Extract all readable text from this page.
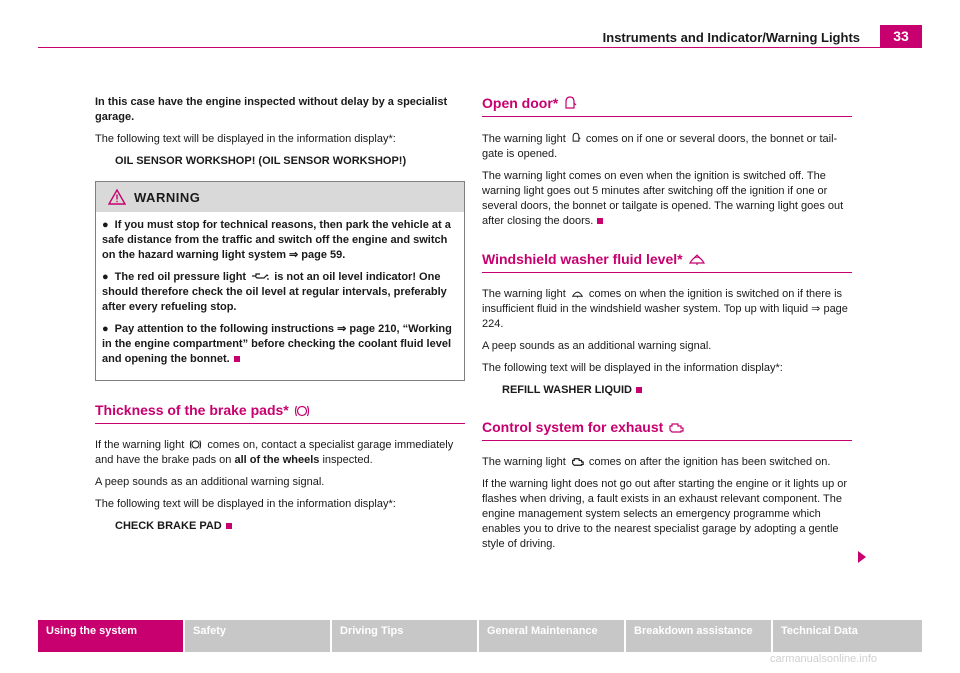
Instruments and Indicator/Warning Lights	33

In this case have the engine inspected without delay by a specialist garage.

The following text will be displayed in the information display*:

OIL SENSOR WORKSHOP! (OIL SENSOR WORKSHOP!)

WARNING

● If you must stop for technical reasons, then park the vehicle at a safe distance from the traffic and switch off the engine and switch on the hazard warning light system ⇒ page 59.

● The red oil pressure light	is not an oil level indicator! One should therefore check the oil level at regular intervals, preferably after every refueling stop.

● Pay attention to the following instructions ⇒ page 210, “Working in the engine compartment” before checking the coolant fluid level and opening the bonnet.

Thickness of the brake pads*

If the warning light comes on, contact a specialist garage immediately and have the brake pads on all of the wheels inspected.

A peep sounds as an additional warning signal.

The following text will be displayed in the information display*:

CHECK BRAKE PAD

Open door*

The warning light comes on if one or several doors, the bonnet or tail-gate is opened.

The warning light comes on even when the ignition is switched off. The warning light goes out 5 minutes after switching off the ignition if one or several doors, the bonnet or tailgate is opened. The warning light goes out after closing the doors.

Windshield washer fluid level*

The warning light comes on when the ignition is switched on if there is insufficient fluid in the windshield washer system. Top up with liquid ⇒ page 224.

A peep sounds as an additional warning signal.

The following text will be displayed in the information display*:

REFILL WASHER LIQUID

Control system for exhaust

The warning light comes on after the ignition has been switched on.

If the warning light does not go out after starting the engine or it lights up or flashes when driving, a fault exists in an exhaust relevant component. The engine management system selects an emergency programme which enables you to drive to the nearest specialist garage by adopting a gentle style of driving.

Using the system	Safety	Driving Tips	General Maintenance	Breakdown assistance	Technical Data
carmanualsonline.info
